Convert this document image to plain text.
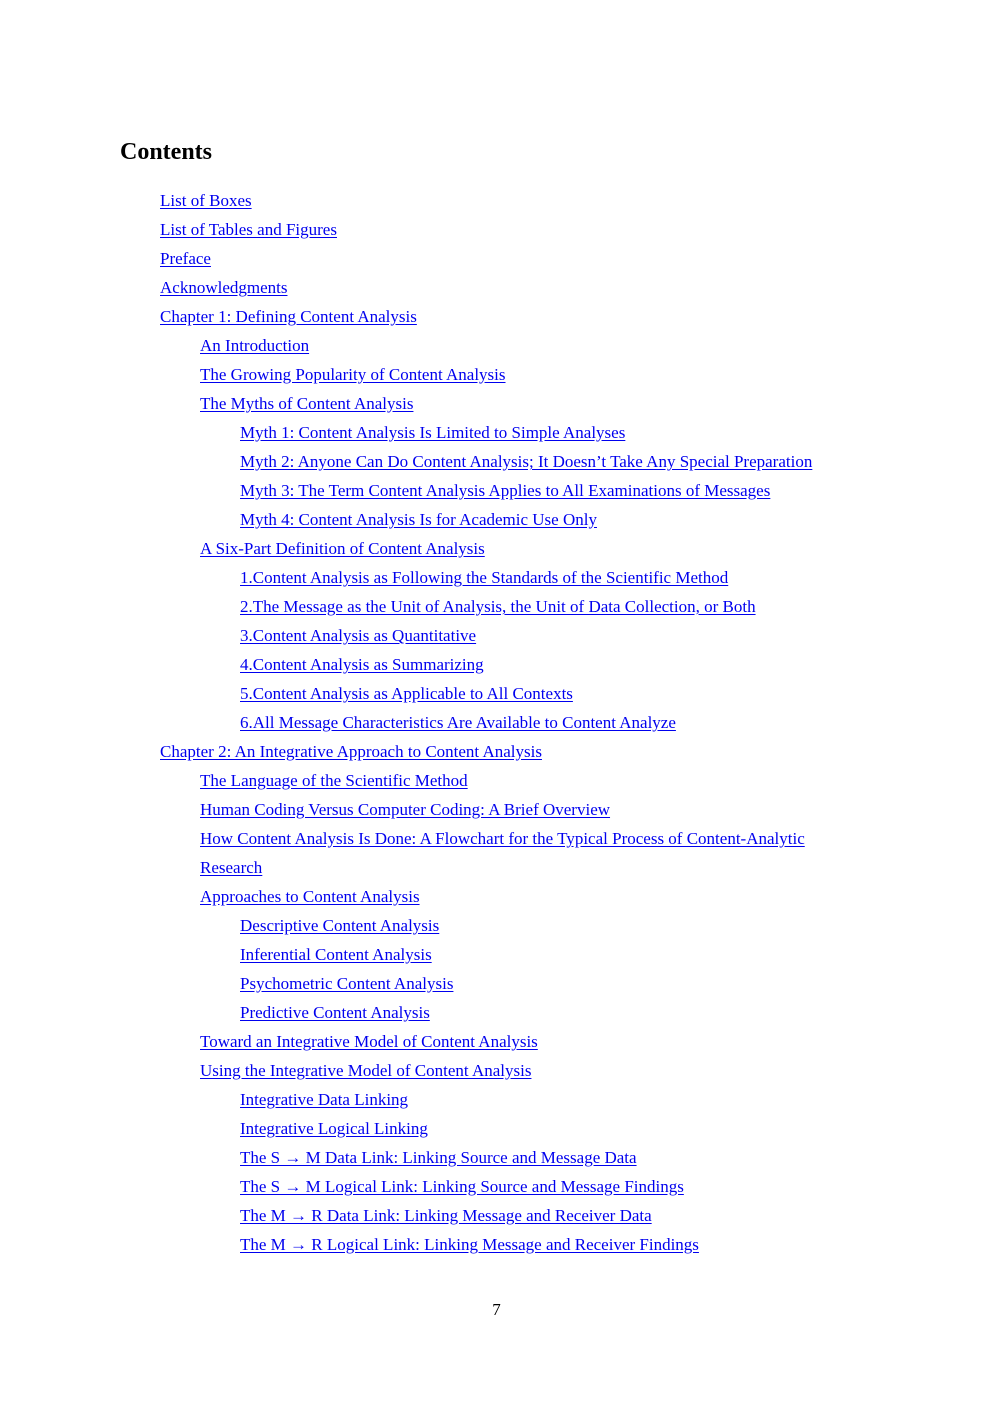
Contents
List of Boxes
List of Tables and Figures
Preface
Acknowledgments
Chapter 1: Defining Content Analysis
An Introduction
The Growing Popularity of Content Analysis
The Myths of Content Analysis
Myth 1: Content Analysis Is Limited to Simple Analyses
Myth 2: Anyone Can Do Content Analysis; It Doesn’t Take Any Special Preparation
Myth 3: The Term Content Analysis Applies to All Examinations of Messages
Myth 4: Content Analysis Is for Academic Use Only
A Six-Part Definition of Content Analysis
1.Content Analysis as Following the Standards of the Scientific Method
2.The Message as the Unit of Analysis, the Unit of Data Collection, or Both
3.Content Analysis as Quantitative
4.Content Analysis as Summarizing
5.Content Analysis as Applicable to All Contexts
6.All Message Characteristics Are Available to Content Analyze
Chapter 2: An Integrative Approach to Content Analysis
The Language of the Scientific Method
Human Coding Versus Computer Coding: A Brief Overview
How Content Analysis Is Done: A Flowchart for the Typical Process of Content-Analytic
Research
Approaches to Content Analysis
Descriptive Content Analysis
Inferential Content Analysis
Psychometric Content Analysis
Predictive Content Analysis
Toward an Integrative Model of Content Analysis
Using the Integrative Model of Content Analysis
Integrative Data Linking
Integrative Logical Linking
The S → M Data Link: Linking Source and Message Data
The S → M Logical Link: Linking Source and Message Findings
The M → R Data Link: Linking Message and Receiver Data
The M → R Logical Link: Linking Message and Receiver Findings
7
